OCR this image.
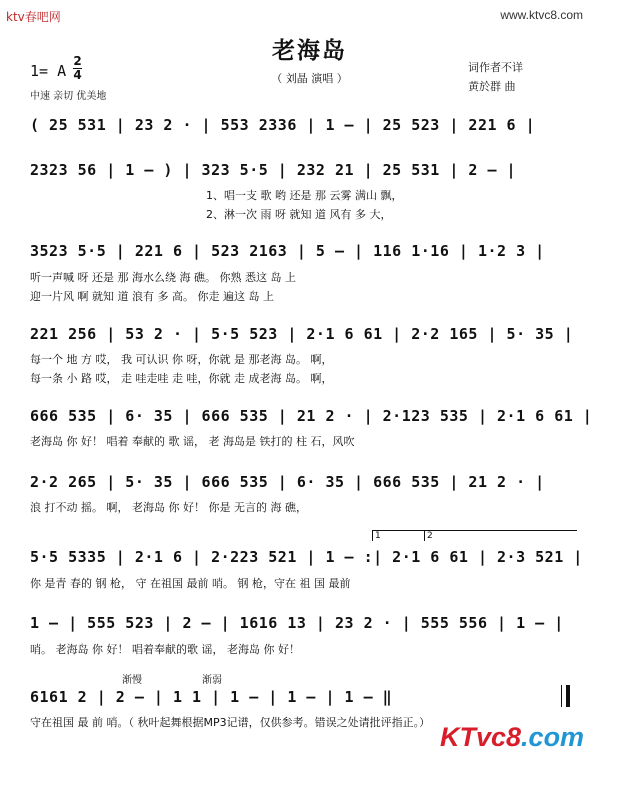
ktv春吧网	www.ktvc8.com
老海岛
（ 刘晶 演唱 ）
词作者不详
黄於群 曲
1= A
2
4
中速 亲切 优美地
( 25 531 | 23 2 · | 553 2336 | 1 – | 25 523 | 221 6 |
2323 56 | 1 – ) | 323 5·5 | 232 21 | 25 531 | 2 – |
1、唱一支 歌 哟 还是 那 云雾 满山 飘，
2、淋一次 雨 呀 就知 道 风有 多 大，
3523 5·5 | 221 6 | 523 2163 | 5 – | 116 1·16 | 1·2 3 |
听一声喊 呀 还是 那 海水么绕 海 礁。 你熟 悉这 岛 上
迎一片风 啊 就知 道 浪有 多 高。 你走 遍这 岛 上
221 256 | 53 2 · | 5·5 523 | 2·1 6 61 | 2·2 165 | 5· 35 |
每一个 地 方 哎， 我 可认识 你 呀，你就 是 那老海 岛。 啊，
每一条 小 路 哎， 走 哇走哇 走 哇，你就 走 成老海 岛。 啊，
666 535 | 6· 35 | 666 535 | 21 2 · | 2·123 535 | 2·1 6 61 |
老海岛 你 好！ 唱着 奉献的 歌 谣， 老 海岛是 铁打的 柱 石，风吹
2·2 265 | 5· 35 | 666 535 | 6· 35 | 666 535 | 21 2 · |
浪 打不动 摇。 啊， 老海岛 你 好！ 你是 无言的 海 礁，
1	2
5·5 5335 | 2·1 6 | 2·223 521 | 1 – :| 2·1 6 61 | 2·3 521 |
你 是青 春的 钢 枪， 守 在祖国 最前 哨。 钢 枪，守在 祖 国 最前
1 – | 555 523 | 2 – | 1616 13 | 23 2 · | 555 556 | 1 – |
哨。 老海岛 你 好！ 唱着奉献的歌 谣， 老海岛 你 好！
渐慢	渐弱
6161 2 | 2 – | 1 1 | 1 – | 1 – | 1 – ‖
守在祖国 最 前 哨。（ 秋叶起舞根据MP3记谱，仅供参考。错误之处请批评指正。） KTvc8.com
